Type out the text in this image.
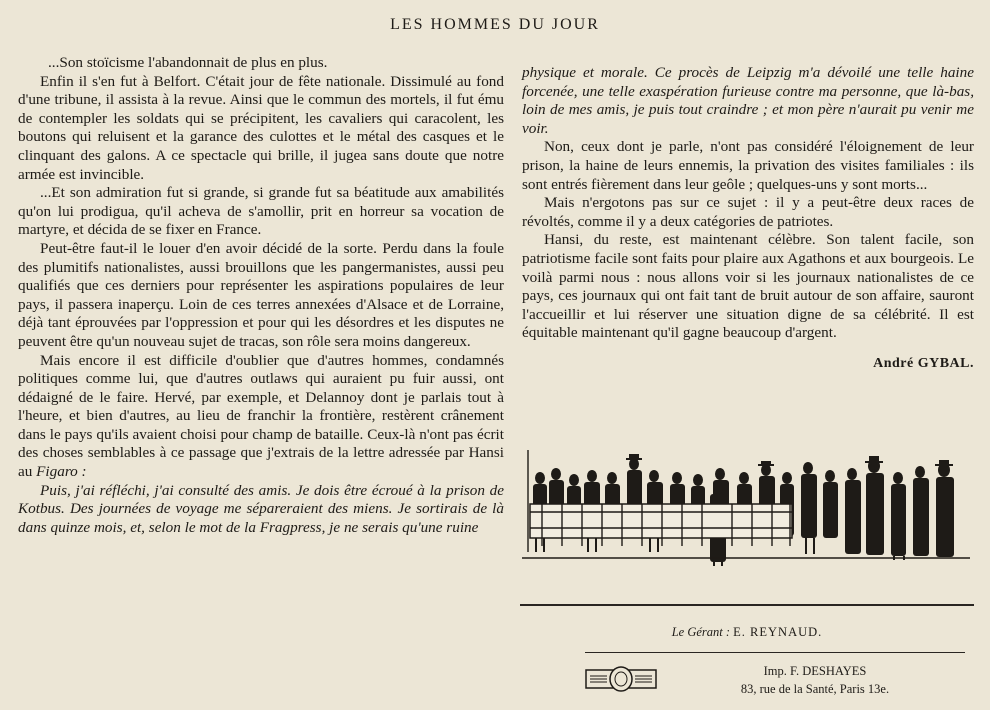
LES HOMMES DU JOUR

...Son stoïcisme l'abandonnait de plus en plus.

Enfin il s'en fut à Belfort. C'était jour de fête nationale. Dissimulé au fond d'une tribune, il assista à la revue. Ainsi que le commun des mortels, il fut ému de contempler les soldats qui se précipitent, les cavaliers qui caracolent, les boutons qui reluisent et la garance des culottes et le métal des casques et le clinquant des galons. A ce spectacle qui brille, il jugea sans doute que notre armée est invincible.

...Et son admiration fut si grande, si grande fut sa béatitude aux amabilités qu'on lui prodigua, qu'il acheva de s'amollir, prit en horreur sa vocation de martyre, et décida de se fixer en France.

Peut-être faut-il le louer d'en avoir décidé de la sorte. Perdu dans la foule des plumitifs nationalistes, aussi brouillons que les pangermanistes, aussi peu qualifiés que ces derniers pour représenter les aspirations populaires de leur pays, il passera inaperçu. Loin de ces terres annexées d'Alsace et de Lorraine, déjà tant éprouvées par l'oppression et pour qui les désordres et les disputes ne peuvent être qu'un nouveau sujet de tracas, son rôle sera moins dangereux.

Mais encore il est difficile d'oublier que d'autres hommes, condamnés politiques comme lui, que d'autres outlaws qui auraient pu fuir aussi, ont dédaigné de le faire. Hervé, par exemple, et Delannoy dont je parlais tout à l'heure, et bien d'autres, au lieu de franchir la frontière, restèrent crânement dans le pays qu'ils avaient choisi pour champ de bataille. Ceux-là n'ont pas écrit des choses semblables à ce passage que j'extrais de la lettre adressée par Hansi au Figaro :

Puis, j'ai réfléchi, j'ai consulté des amis. Je dois être écroué à la prison de Kotbus. Des journées de voyage me sépareraient des miens. Je sortirais de là dans quinze mois, et, selon le mot de la Fragpress, je ne serais qu'une ruine

physique et morale. Ce procès de Leipzig m'a dévoilé une telle haine forcenée, une telle exaspération furieuse contre ma personne, que là-bas, loin de mes amis, je puis tout craindre ; et mon père n'aurait pu venir me voir.

Non, ceux dont je parle, n'ont pas considéré l'éloignement de leur prison, la haine de leurs ennemis, la privation des visites familiales : ils sont entrés fièrement dans leur geôle ; quelques-uns y sont morts...

Mais n'ergotons pas sur ce sujet : il y a peut-être deux races de révoltés, comme il y a deux catégories de patriotes.

Hansi, du reste, est maintenant célèbre. Son talent facile, son patriotisme facile sont faits pour plaire aux Agathons et aux bourgeois. Le voilà parmi nous : nous allons voir si les journaux nationalistes de ce pays, ces journaux qui ont fait tant de bruit autour de son affaire, sauront l'accueillir et lui réserver une situation digne de sa célébrité. Il est équitable maintenant qu'il gagne beaucoup d'argent.

André GYBAL.
Le Gérant : E. REYNAUD.
Imp. F. DESHAYES
83, rue de la Santé, Paris 13e.
